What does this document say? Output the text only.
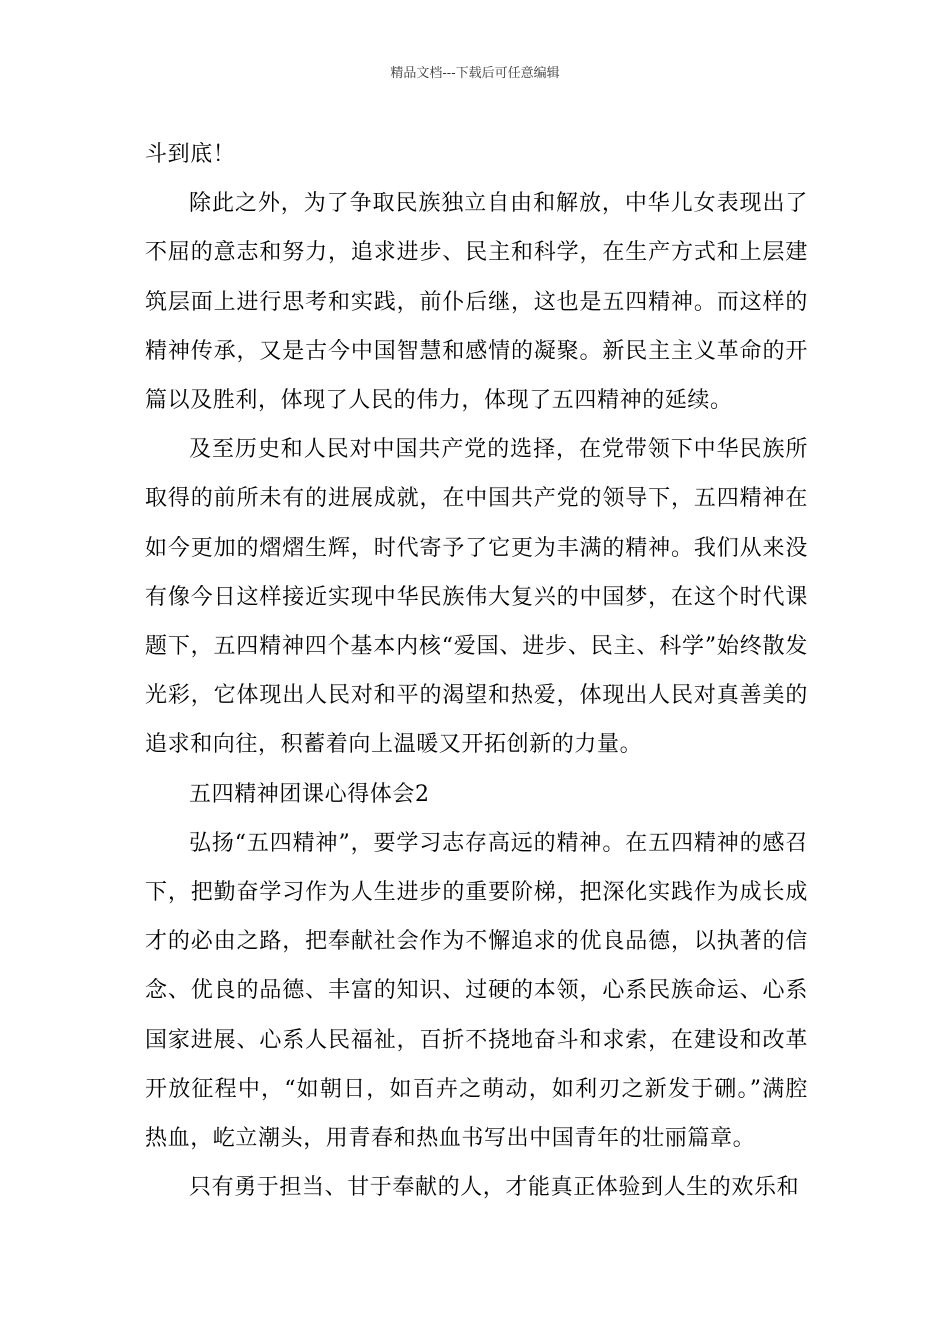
精品文档---下载后可任意编辑

斗到底！

除此之外，为了争取民族独立自由和解放，中华儿女表现出了不屈的意志和努力，追求进步、民主和科学，在生产方式和上层建筑层面上进行思考和实践，前仆后继，这也是五四精神。而这样的精神传承，又是古今中国智慧和感情的凝聚。新民主主义革命的开篇以及胜利，体现了人民的伟力，体现了五四精神的延续。

及至历史和人民对中国共产党的选择，在党带领下中华民族所取得的前所未有的进展成就，在中国共产党的领导下，五四精神在如今更加的熠熠生辉，时代寄予了它更为丰满的精神。我们从来没有像今日这样接近实现中华民族伟大复兴的中国梦，在这个时代课题下，五四精神四个基本内核“爱国、进步、民主、科学”始终散发光彩，它体现出人民对和平的渴望和热爱，体现出人民对真善美的追求和向往，积蓄着向上温暖又开拓创新的力量。

五四精神团课心得体会2

弘扬“五四精神”，要学习志存高远的精神。在五四精神的感召下，把勤奋学习作为人生进步的重要阶梯，把深化实践作为成长成才的必由之路，把奉献社会作为不懈追求的优良品德，以执著的信念、优良的品德、丰富的知识、过硬的本领，心系民族命运、心系国家进展、心系人民福祉，百折不挠地奋斗和求索，在建设和改革开放征程中，“如朝日，如百卉之萌动，如利刃之新发于硎。”满腔热血，屹立潮头，用青春和热血书写出中国青年的壮丽篇章。

只有勇于担当、甘于奉献的人，才能真正体验到人生的欢乐和
